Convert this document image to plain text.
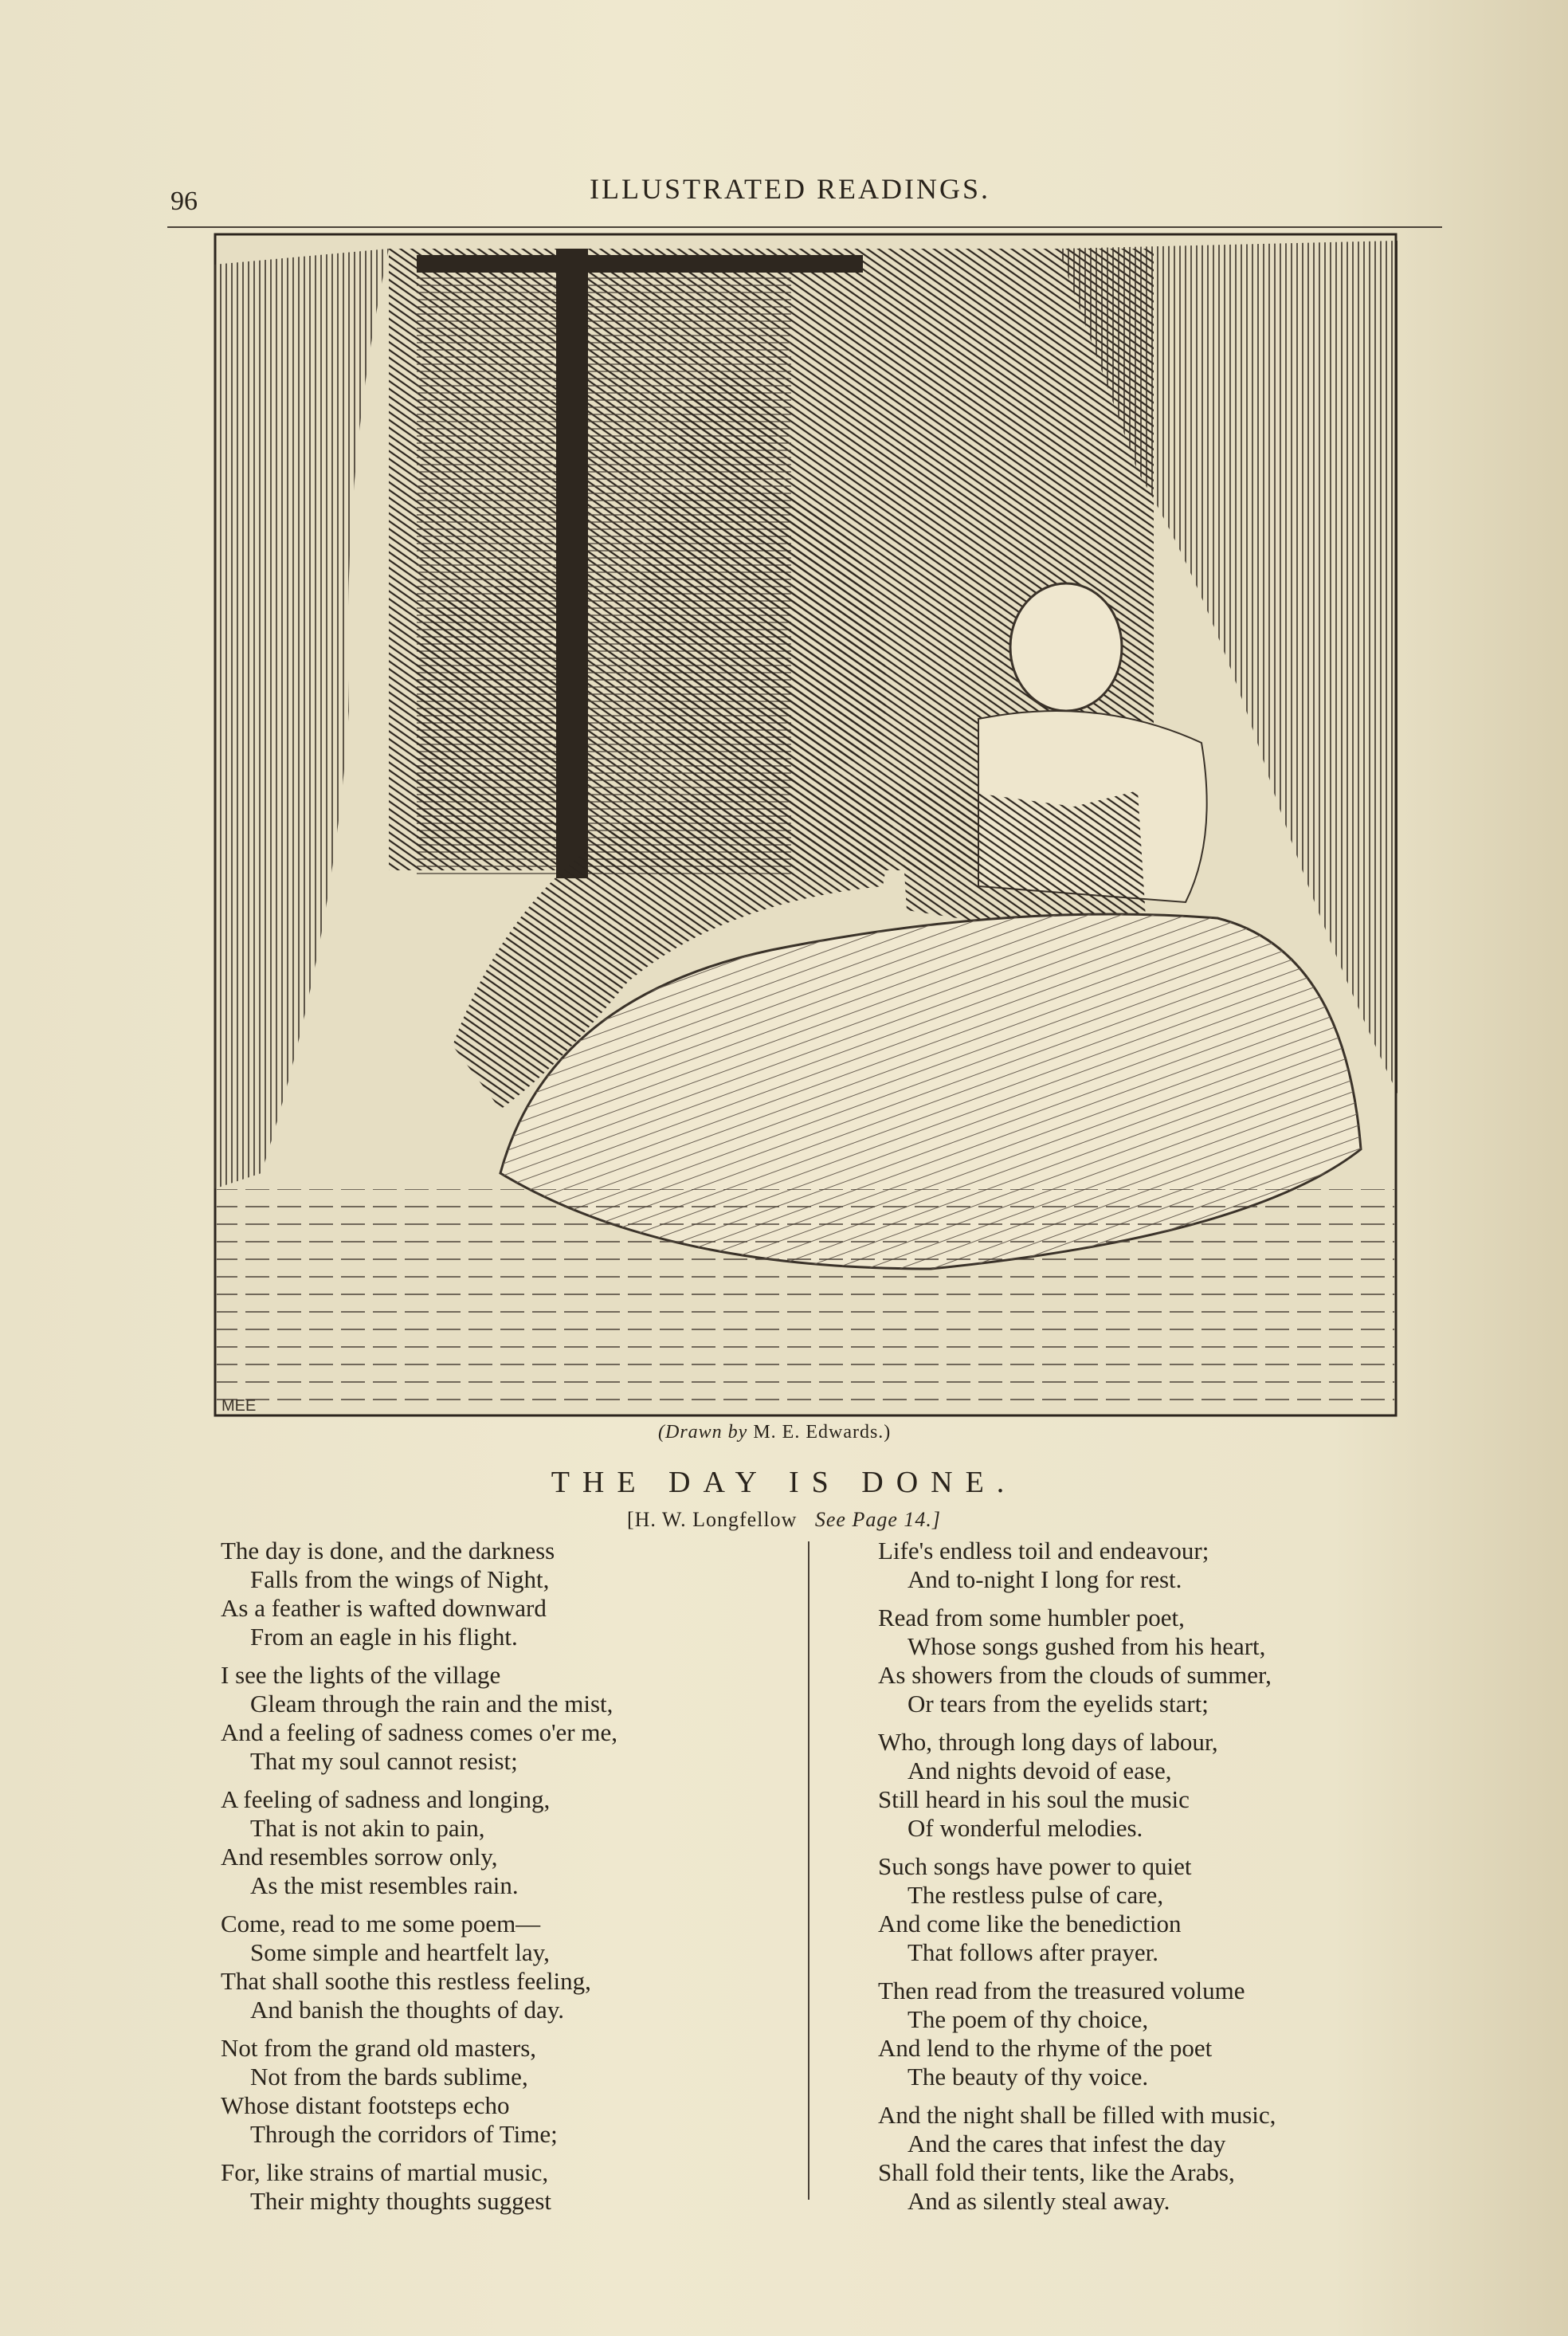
96	ILLUSTRATED READINGS.
MEE
(Drawn by M. E. Edwards.)
THE DAY IS DONE.
[H. W. Longfellow See Page 14.]
The day is done, and the darkness
Falls from the wings of Night,
As a feather is wafted downward
From an eagle in his flight.
I see the lights of the village
Gleam through the rain and the mist,
And a feeling of sadness comes o'er me,
That my soul cannot resist;
A feeling of sadness and longing,
That is not akin to pain,
And resembles sorrow only,
As the mist resembles rain.
Come, read to me some poem—
Some simple and heartfelt lay,
That shall soothe this restless feeling,
And banish the thoughts of day.
Not from the grand old masters,
Not from the bards sublime,
Whose distant footsteps echo
Through the corridors of Time;
For, like strains of martial music,
Their mighty thoughts suggest
Life's endless toil and endeavour;
And to-night I long for rest.
Read from some humbler poet,
Whose songs gushed from his heart,
As showers from the clouds of summer,
Or tears from the eyelids start;
Who, through long days of labour,
And nights devoid of ease,
Still heard in his soul the music
Of wonderful melodies.
Such songs have power to quiet
The restless pulse of care,
And come like the benediction
That follows after prayer.
Then read from the treasured volume
The poem of thy choice,
And lend to the rhyme of the poet
The beauty of thy voice.
And the night shall be filled with music,
And the cares that infest the day
Shall fold their tents, like the Arabs,
And as silently steal away.
